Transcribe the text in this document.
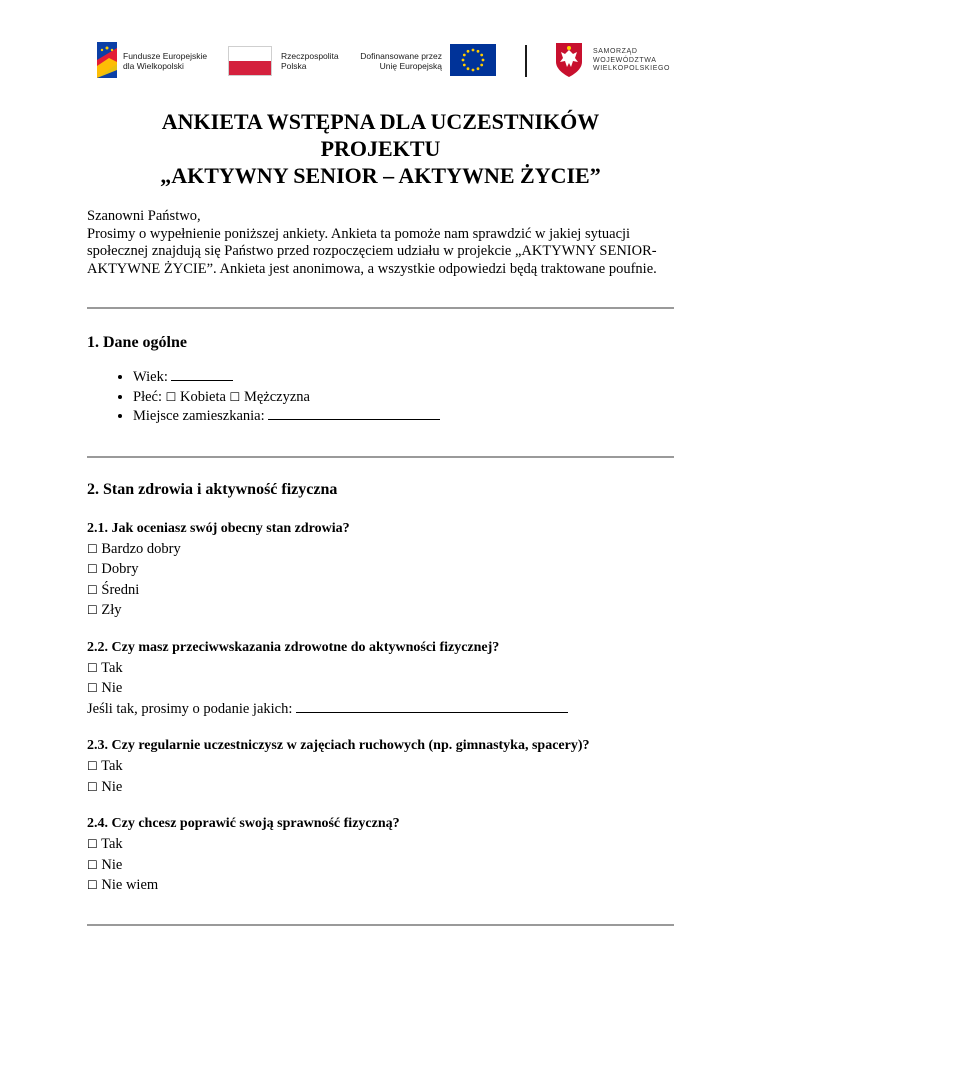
Fundusze Europejskie
dla Wielkopolski
Rzeczpospolita
Polska
Dofinansowane przez
Unię Europejską
SAMORZĄD
WOJEWÓDZTWA
WIELKOPOLSKIEGO
ANKIETA WSTĘPNA DLA UCZESTNIKÓW
PROJEKTU
„AKTYWNY SENIOR – AKTYWNE ŻYCIE”

Szanowni Państwo,

Prosimy o wypełnienie poniższej ankiety. Ankieta ta pomoże nam sprawdzić w jakiej sytuacji społecznej znajdują się Państwo przed rozpoczęciem udziału w projekcie „AKTYWNY SENIOR- AKTYWNE ŻYCIE”. Ankieta jest anonimowa, a wszystkie odpowiedzi będą traktowane poufnie.

1. Dane ogólne
• Wiek:
• Płeć: ☐ Kobieta ☐ Mężczyzna
• Miejsce zamieszkania:
2. Stan zdrowia i aktywność fizyczna
2.1. Jak oceniasz swój obecny stan zdrowia?
☐ Bardzo dobry
☐ Dobry
☐ Średni
☐ Zły
2.2. Czy masz przeciwwskazania zdrowotne do aktywności fizycznej?
☐ Tak
☐ Nie
Jeśli tak, prosimy o podanie jakich:
2.3. Czy regularnie uczestniczysz w zajęciach ruchowych (np. gimnastyka, spacery)?
☐ Tak
☐ Nie
2.4. Czy chcesz poprawić swoją sprawność fizyczną?
☐ Tak
☐ Nie
☐ Nie wiem
